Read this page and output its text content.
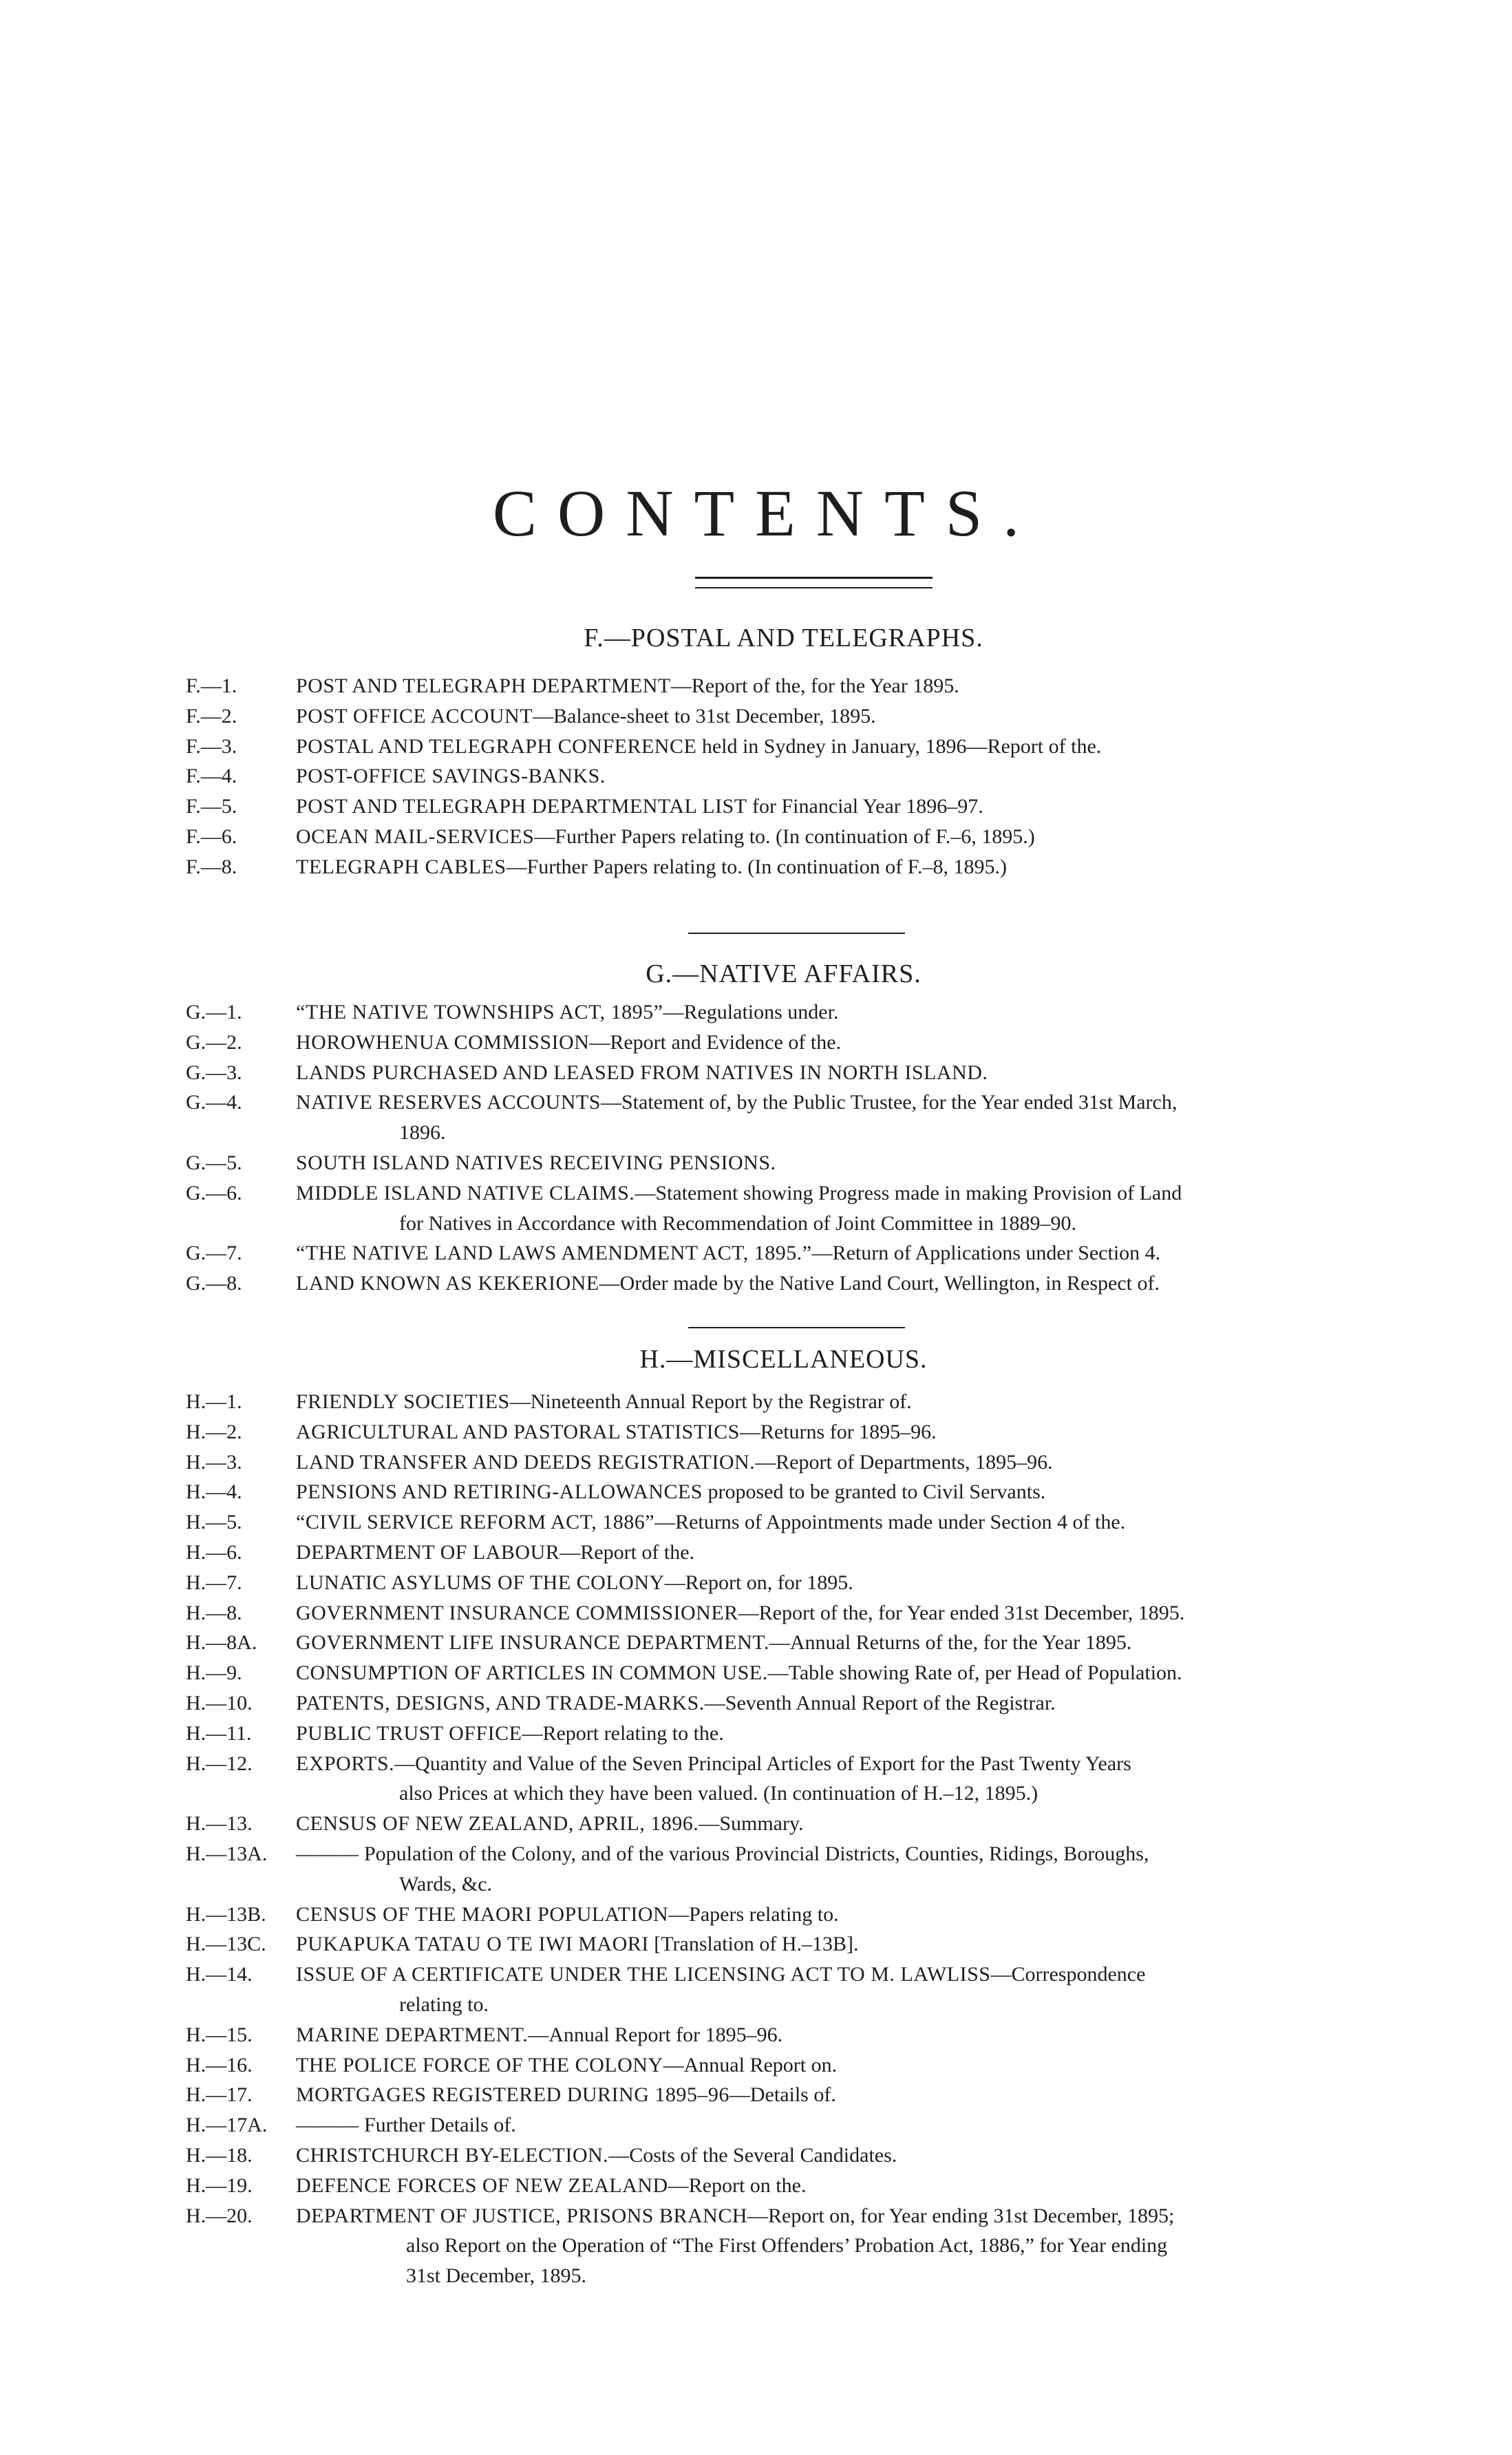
CONTENTS.
F.—POSTAL AND TELEGRAPHS.
F.—1.	POST AND TELEGRAPH DEPARTMENT—Report of the, for the Year 1895.
F.—2.	POST OFFICE ACCOUNT—Balance-sheet to 31st December, 1895.
F.—3.	POSTAL AND TELEGRAPH CONFERENCE held in Sydney in January, 1896—Report of the.
F.—4.	POST-OFFICE SAVINGS-BANKS.
F.—5.	POST AND TELEGRAPH DEPARTMENTAL LIST for Financial Year 1896–97.
F.—6.	OCEAN MAIL-SERVICES—Further Papers relating to. (In continuation of F.–6, 1895.)
F.—8.	TELEGRAPH CABLES—Further Papers relating to. (In continuation of F.–8, 1895.)
G.—NATIVE AFFAIRS.
G.—1.	“THE NATIVE TOWNSHIPS ACT, 1895”—Regulations under.
G.—2.	HOROWHENUA COMMISSION—Report and Evidence of the.
G.—3.	LANDS PURCHASED AND LEASED FROM NATIVES IN NORTH ISLAND.
G.—4.	NATIVE RESERVES ACCOUNTS—Statement of, by the Public Trustee, for the Year ended 31st March,
1896.
G.—5.	SOUTH ISLAND NATIVES RECEIVING PENSIONS.
G.—6.	MIDDLE ISLAND NATIVE CLAIMS.—Statement showing Progress made in making Provision of Land
for Natives in Accordance with Recommendation of Joint Committee in 1889–90.
G.—7.	“THE NATIVE LAND LAWS AMENDMENT ACT, 1895.”—Return of Applications under Section 4.
G.—8.	LAND KNOWN AS KEKERIONE—Order made by the Native Land Court, Wellington, in Respect of.
H.—MISCELLANEOUS.
H.—1.	FRIENDLY SOCIETIES—Nineteenth Annual Report by the Registrar of.
H.—2.	AGRICULTURAL AND PASTORAL STATISTICS—Returns for 1895–96.
H.—3.	LAND TRANSFER AND DEEDS REGISTRATION.—Report of Departments, 1895–96.
H.—4.	PENSIONS AND RETIRING-ALLOWANCES proposed to be granted to Civil Servants.
H.—5.	“CIVIL SERVICE REFORM ACT, 1886”—Returns of Appointments made under Section 4 of the.
H.—6.	DEPARTMENT OF LABOUR—Report of the.
H.—7.	LUNATIC ASYLUMS OF THE COLONY—Report on, for 1895.
H.—8.	GOVERNMENT INSURANCE COMMISSIONER—Report of the, for Year ended 31st December, 1895.
H.—8A.	GOVERNMENT LIFE INSURANCE DEPARTMENT.—Annual Returns of the, for the Year 1895.
H.—9.	CONSUMPTION OF ARTICLES IN COMMON USE.—Table showing Rate of, per Head of Population.
H.—10.	PATENTS, DESIGNS, AND TRADE-MARKS.—Seventh Annual Report of the Registrar.
H.—11.	PUBLIC TRUST OFFICE—Report relating to the.
H.—12.	EXPORTS.—Quantity and Value of the Seven Principal Articles of Export for the Past Twenty Years
also Prices at which they have been valued. (In continuation of H.–12, 1895.)
H.—13.	CENSUS OF NEW ZEALAND, APRIL, 1896.—Summary.
H.—13A.	——— Population of the Colony, and of the various Provincial Districts, Counties, Ridings, Boroughs,
Wards, &c.
H.—13B.	CENSUS OF THE MAORI POPULATION—Papers relating to.
H.—13C.	PUKAPUKA TATAU O TE IWI MAORI [Translation of H.–13B].
H.—14.	ISSUE OF A CERTIFICATE UNDER THE LICENSING ACT TO M. LAWLISS—Correspondence
relating to.
H.—15.	MARINE DEPARTMENT.—Annual Report for 1895–96.
H.—16.	THE POLICE FORCE OF THE COLONY—Annual Report on.
H.—17.	MORTGAGES REGISTERED DURING 1895–96—Details of.
H.—17A.	——— Further Details of.
H.—18.	CHRISTCHURCH BY-ELECTION.—Costs of the Several Candidates.
H.—19.	DEFENCE FORCES OF NEW ZEALAND—Report on the.
H.—20.	DEPARTMENT OF JUSTICE, PRISONS BRANCH—Report on, for Year ending 31st December, 1895;
also Report on the Operation of “The First Offenders’ Probation Act, 1886,” for Year ending
31st December, 1895.
